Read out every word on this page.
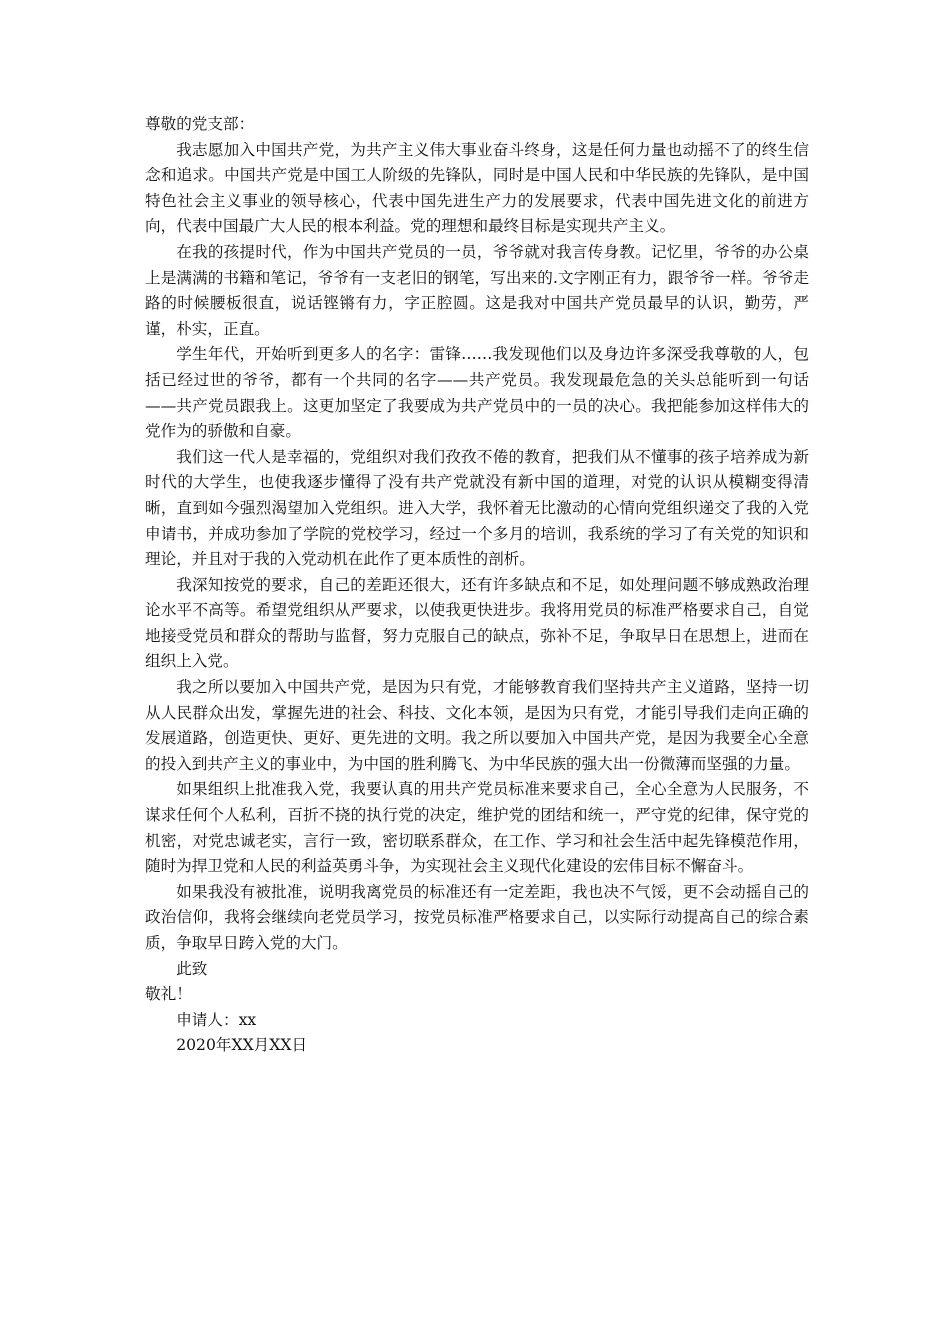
尊敬的党支部：

我志愿加入中国共产党，为共产主义伟大事业奋斗终身，这是任何力量也动摇不了的终生信念和追求。中国共产党是中国工人阶级的先锋队，同时是中国人民和中华民族的先锋队，是中国特色社会主义事业的领导核心，代表中国先进生产力的发展要求，代表中国先进文化的前进方向，代表中国最广大人民的根本利益。党的理想和最终目标是实现共产主义。

在我的孩提时代，作为中国共产党员的一员，爷爷就对我言传身教。记忆里，爷爷的办公桌上是满满的书籍和笔记，爷爷有一支老旧的钢笔，写出来的.文字刚正有力，跟爷爷一样。爷爷走路的时候腰板很直，说话铿锵有力，字正腔圆。这是我对中国共产党员最早的认识，勤劳，严谨，朴实，正直。

学生年代，开始听到更多人的名字：雷锋……我发现他们以及身边许多深受我尊敬的人，包括已经过世的爷爷，都有一个共同的名字——共产党员。我发现最危急的关头总能听到一句话——共产党员跟我上。这更加坚定了我要成为共产党员中的一员的决心。我把能参加这样伟大的党作为的骄傲和自豪。

我们这一代人是幸福的，党组织对我们孜孜不倦的教育，把我们从不懂事的孩子培养成为新时代的大学生，也使我逐步懂得了没有共产党就没有新中国的道理，对党的认识从模糊变得清晰，直到如今强烈渴望加入党组织。进入大学，我怀着无比激动的心情向党组织递交了我的入党申请书，并成功参加了学院的党校学习，经过一个多月的培训，我系统的学习了有关党的知识和理论，并且对于我的入党动机在此作了更本质性的剖析。

我深知按党的要求，自己的差距还很大，还有许多缺点和不足，如处理问题不够成熟政治理论水平不高等。希望党组织从严要求，以使我更快进步。我将用党员的标准严格要求自己，自觉地接受党员和群众的帮助与监督，努力克服自己的缺点，弥补不足，争取早日在思想上，进而在组织上入党。

我之所以要加入中国共产党，是因为只有党，才能够教育我们坚持共产主义道路，坚持一切从人民群众出发，掌握先进的社会、科技、文化本领，是因为只有党，才能引导我们走向正确的发展道路，创造更快、更好、更先进的文明。我之所以要加入中国共产党，是因为我要全心全意的投入到共产主义的事业中，为中国的胜利腾飞、为中华民族的强大出一份微薄而坚强的力量。

如果组织上批准我入党，我要认真的用共产党员标准来要求自己，全心全意为人民服务，不谋求任何个人私利，百折不挠的执行党的决定，维护党的团结和统一，严守党的纪律，保守党的机密，对党忠诚老实，言行一致，密切联系群众，在工作、学习和社会生活中起先锋模范作用，随时为捍卫党和人民的利益英勇斗争，为实现社会主义现代化建设的宏伟目标不懈奋斗。

如果我没有被批准，说明我离党员的标准还有一定差距，我也决不气馁，更不会动摇自己的政治信仰，我将会继续向老党员学习，按党员标准严格要求自己，以实际行动提高自己的综合素质，争取早日跨入党的大门。

此致

敬礼！

申请人：xx

2020年XX月XX日
